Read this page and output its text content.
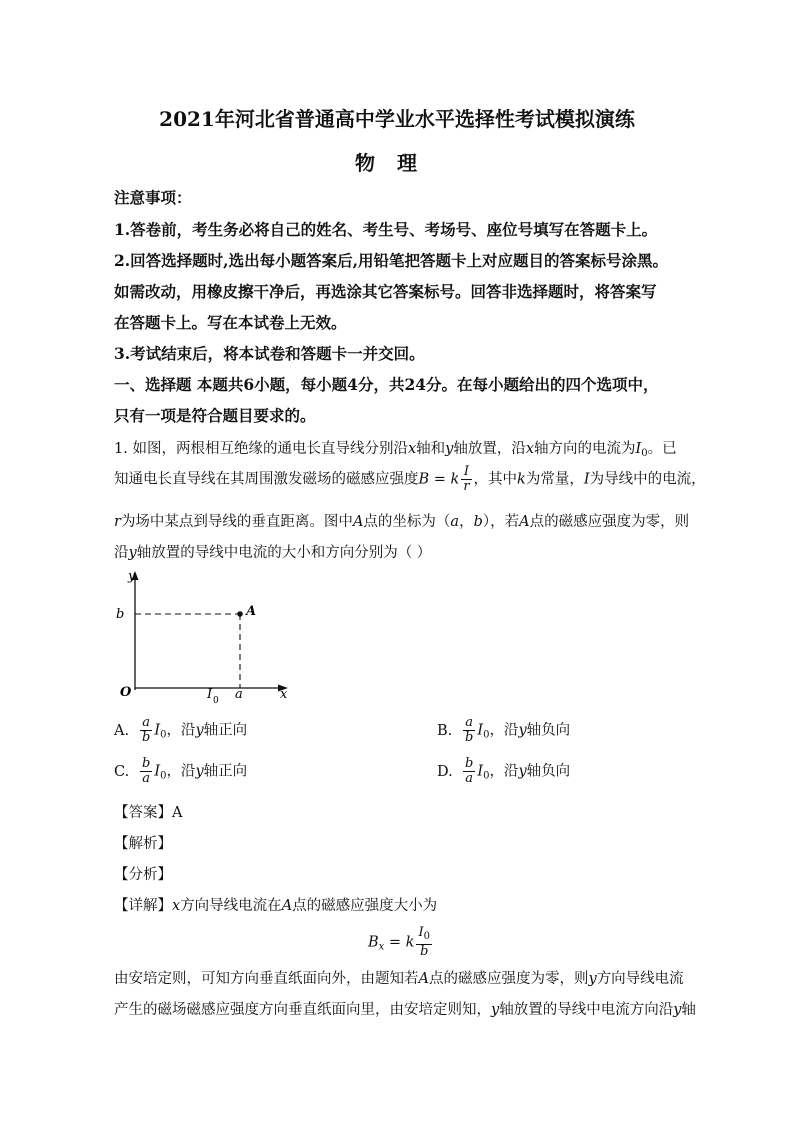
2021年河北省普通高中学业水平选择性考试模拟演练
物理
注意事项：
1.答卷前，考生务必将自己的姓名、考生号、考场号、座位号填写在答题卡上。
2.回答选择题时,选出每小题答案后,用铅笔把答题卡上对应题目的答案标号涂黑。
如需改动，用橡皮擦干净后，再选涂其它答案标号。回答非选择题时，将答案写
在答题卡上。写在本试卷上无效。
3.考试结束后，将本试卷和答题卡一并交回。
一、选择题 本题共6小题，每小题4分，共24分。在每小题给出的四个选项中，
只有一项是符合题目要求的。
1. 如图，两根相互绝缘的通电长直导线分别沿x轴和y轴放置，沿x轴方向的电流为$I_0$。已
知通电长直导线在其周围激发磁场的磁感应强度B = k $\frac{I}{r}$ ，其中k为常量，I为导线中的电流，
r为场中某点到导线的垂直距离。图中A点的坐标为（a，b），若A点的磁感应强度为零，则
沿y轴放置的导线中电流的大小和方向分别为（ ）
y
b	A
O	I 0 a	x
A. $\frac{a}{b} I_0$，沿y轴正向	B. $\frac{a}{b} I_0$，沿y轴负向
C. $\frac{b}{a} I_0$，沿y轴正向	D. $\frac{b}{a} I_0$，沿y轴负向
【答案】A
【解析】
【分析】
【详解】x方向导线电流在A点的磁感应强度大小为
$B_x = k \frac{I_0}{b}$
由安培定则，可知方向垂直纸面向外，由题知若A点的磁感应强度为零，则y方向导线电流
产生的磁场磁感应强度方向垂直纸面向里，由安培定则知，y轴放置的导线中电流方向沿y轴
